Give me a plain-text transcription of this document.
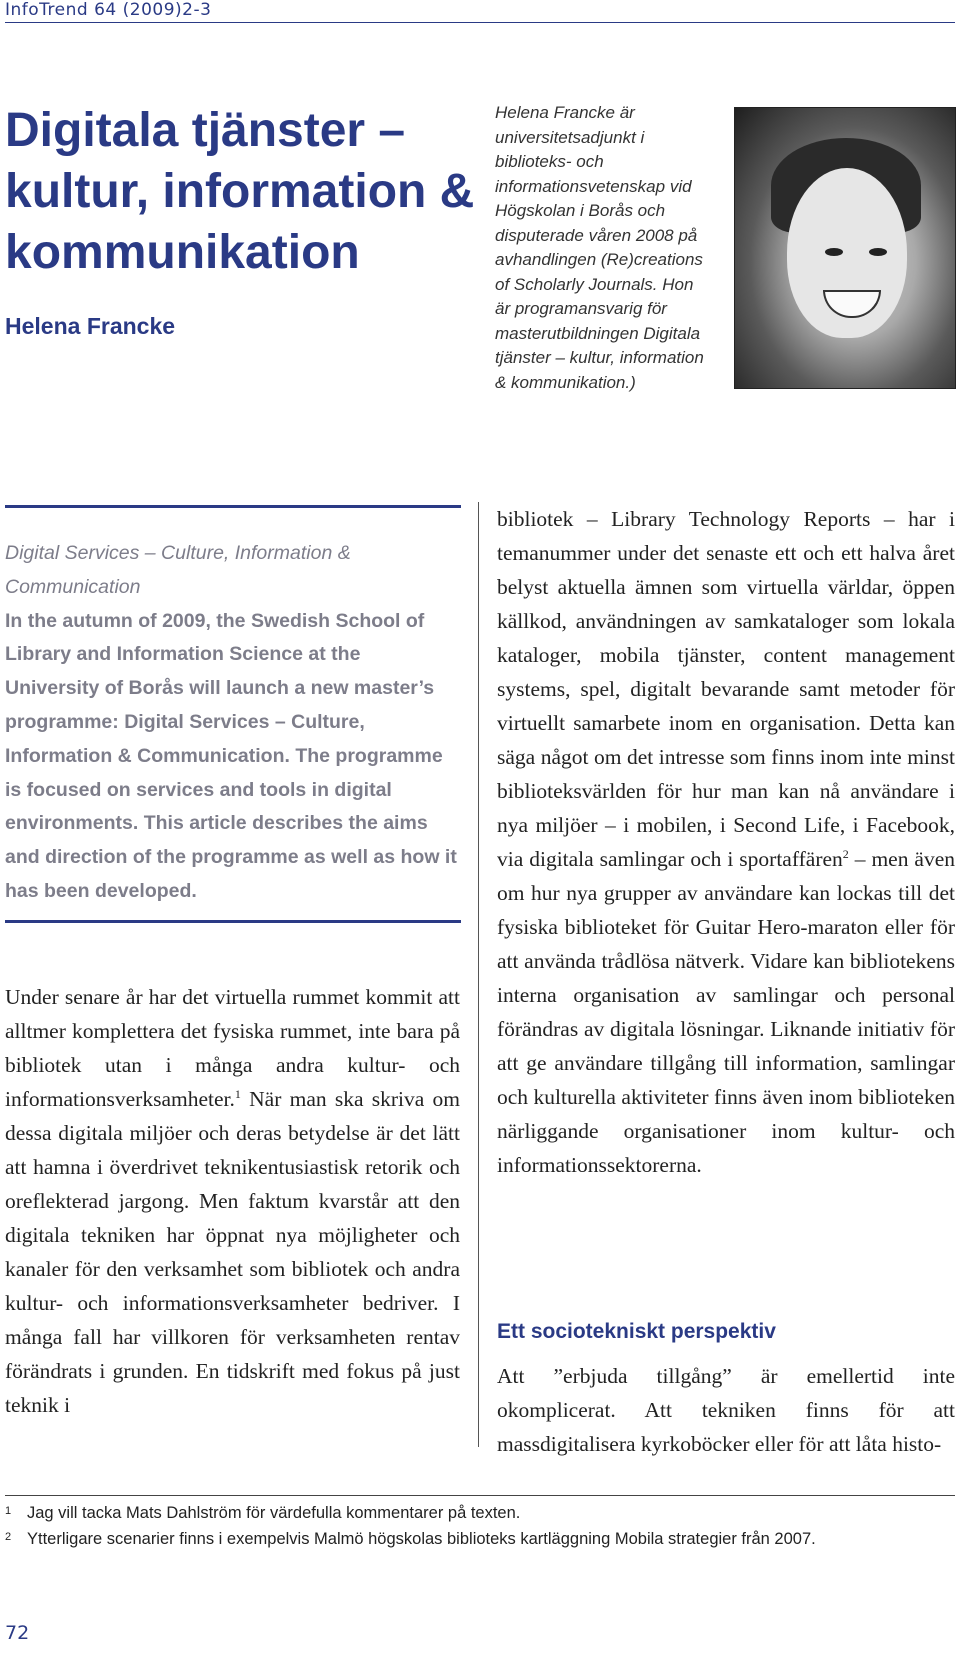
InfoTrend 64 (2009)2-3
Digitala tjänster – kultur, information & kommunikation
Helena Francke
Helena Francke är universitetsadjunkt i biblioteks- och informationsvetenskap vid Högskolan i Borås och disputerade våren 2008 på avhandlingen (Re)creations of Scholarly Journals. Hon är programansvarig för masterutbildningen Digitala tjänster – kultur, information & kommunikation.)
Digital Services – Culture, Information & Communication
In the autumn of 2009, the Swedish School of Library and Information Science at the University of Borås will launch a new master’s programme: Digital Services – Culture, Information & Communication. The programme is focused on services and tools in digital environments. This article describes the aims and direction of the programme as well as how it has been developed.
Under senare år har det virtuella rummet kommit att alltmer komplettera det fysiska rummet, inte bara på bibliotek utan i många andra kultur- och informationsverksamheter.$^1$ När man ska skriva om dessa digitala miljöer och deras betydelse är det lätt att hamna i överdrivet teknikentusiastisk retorik och oreflekterad jargong. Men faktum kvarstår att den digitala tekniken har öppnat nya möjligheter och kanaler för den verksamhet som bibliotek och andra kultur- och informationsverksamheter bedriver. I många fall har villkoren för verksamheten rentav förändrats i grunden. En tidskrift med fokus på just teknik i
bibliotek – Library Technology Reports – har i temanummer under det senaste ett och ett halva året belyst aktuella ämnen som virtuella världar, öppen källkod, användningen av samkataloger som lokala kataloger, mobila tjänster, content management systems, spel, digitalt bevarande samt metoder för virtuellt samarbete inom en organisation. Detta kan säga något om det intresse som finns inom inte minst biblioteksvärlden för hur man kan nå användare i nya miljöer – i mobilen, i Second Life, i Facebook, via digitala samlingar och i sportaffären$^2$ – men även om hur nya grupper av användare kan lockas till det fysiska biblioteket för Guitar Hero-maraton eller för att använda trådlösa nätverk. Vidare kan bibliotekens interna organisation av samlingar och personal förändras av digitala lösningar. Liknande initiativ för att ge användare tillgång till information, samlingar och kulturella aktiviteter finns även inom biblioteken närliggande organisationer inom kultur- och informationssektorerna.
Ett sociotekniskt perspektiv
Att ”erbjuda tillgång” är emellertid inte okomplicerat. Att tekniken finns för att massdigitalisera kyrkoböcker eller för att låta histo-
1 Jag vill tacka Mats Dahlström för värdefulla kommentarer på texten.
2 Ytterligare scenarier finns i exempelvis Malmö högskolas biblioteks kartläggning Mobila strategier från 2007.
72
